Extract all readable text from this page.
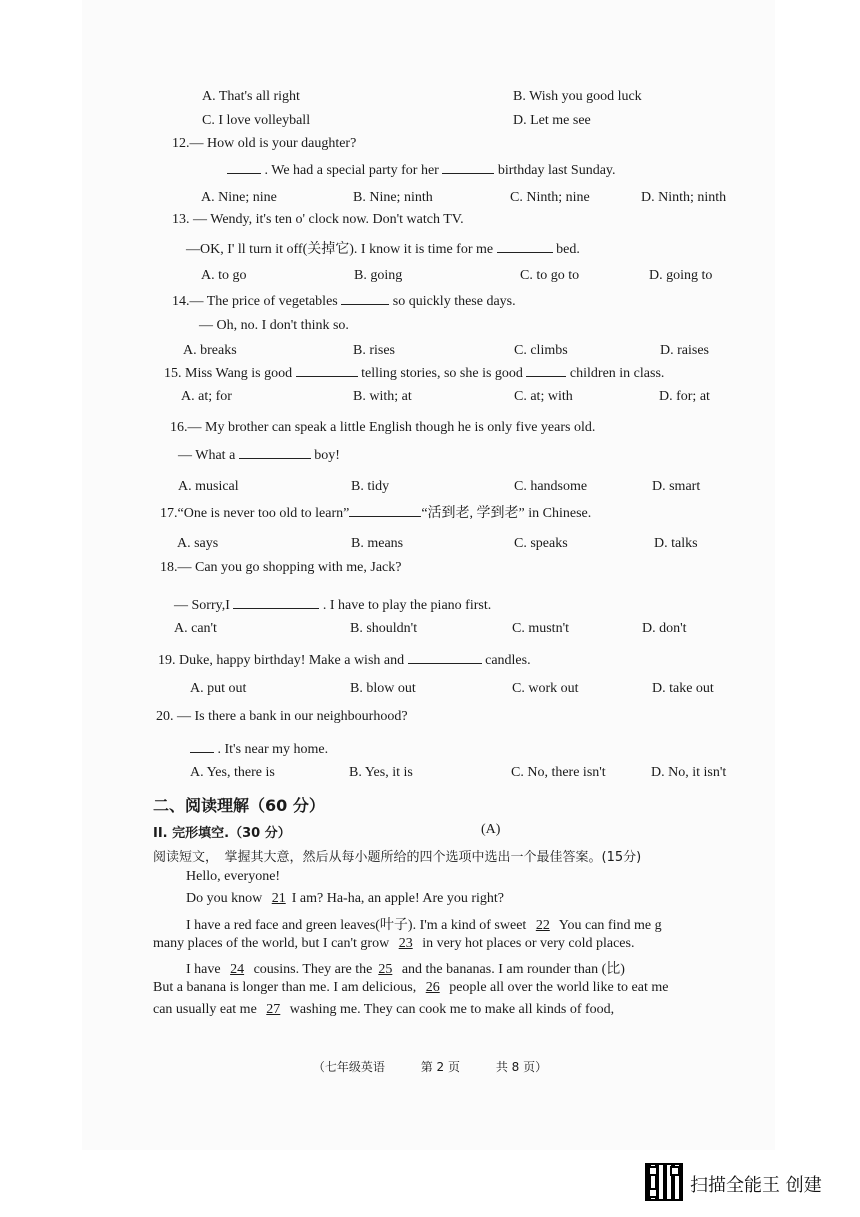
A. That's all right	B. Wish you good luck
C. I love volleyball	D. Let me see
12.— How old is your daughter?
. We had a special party for her	birthday last Sunday.
A. Nine; nine	B. Nine; ninth	C. Ninth; nine	D. Ninth; ninth
13. — Wendy, it's ten o' clock now. Don't watch TV.
—OK, I' ll turn it off(关掉它). I know it is time for me	bed.
A. to go	B. going	C. to go to	D. going to
14.— The price of vegetables	so quickly these days.
— Oh, no. I don't think so.
A. breaks	B. rises	C. climbs	D. raises
15. Miss Wang is good	telling stories, so she is good	children in class.
A. at; for	B. with; at	C. at; with	D. for; at
16.— My brother can speak a little English though he is only five years old.
— What a	boy!
A. musical	B. tidy	C. handsome	D. smart
17.“One is never too old to learn”	“活到老, 学到老” in Chinese.
A. says	B. means	C. speaks	D. talks
18.— Can you go shopping with me, Jack?
— Sorry,I	. I have to play the piano first.
A. can't	B. shouldn't	C. mustn't	D. don't
19. Duke, happy birthday! Make a wish and	candles.
A. put out	B. blow out	C. work out	D. take out
20. — Is there a bank in our neighbourhood?
. It's near my home.
A. Yes, there is	B. Yes, it is	C. No, there isn't	D. No, it isn't
二、阅读理解（60 分）
II. 完形填空.（30 分）	(A)
阅读短文，　掌握其大意，然后从每小题所给的四个选项中选出一个最佳答案。(15分)
Hello, everyone!
Do you know 21 I am? Ha-ha, an apple! Are you right?
I have a red face and green leaves(叶子). I'm a kind of sweet 22 You can find me g
many places of the world, but I can't grow 23 in very hot places or very cold places.
I have 24 cousins. They are the 25 and the bananas. I am rounder than (比)
But a banana is longer than me. I am delicious, 26 people all over the world like to eat me
can usually eat me 27 washing me. They can cook me to make all kinds of food,
（七年级英语	第 2 页	共 8 页）
扫描全能王 创建
